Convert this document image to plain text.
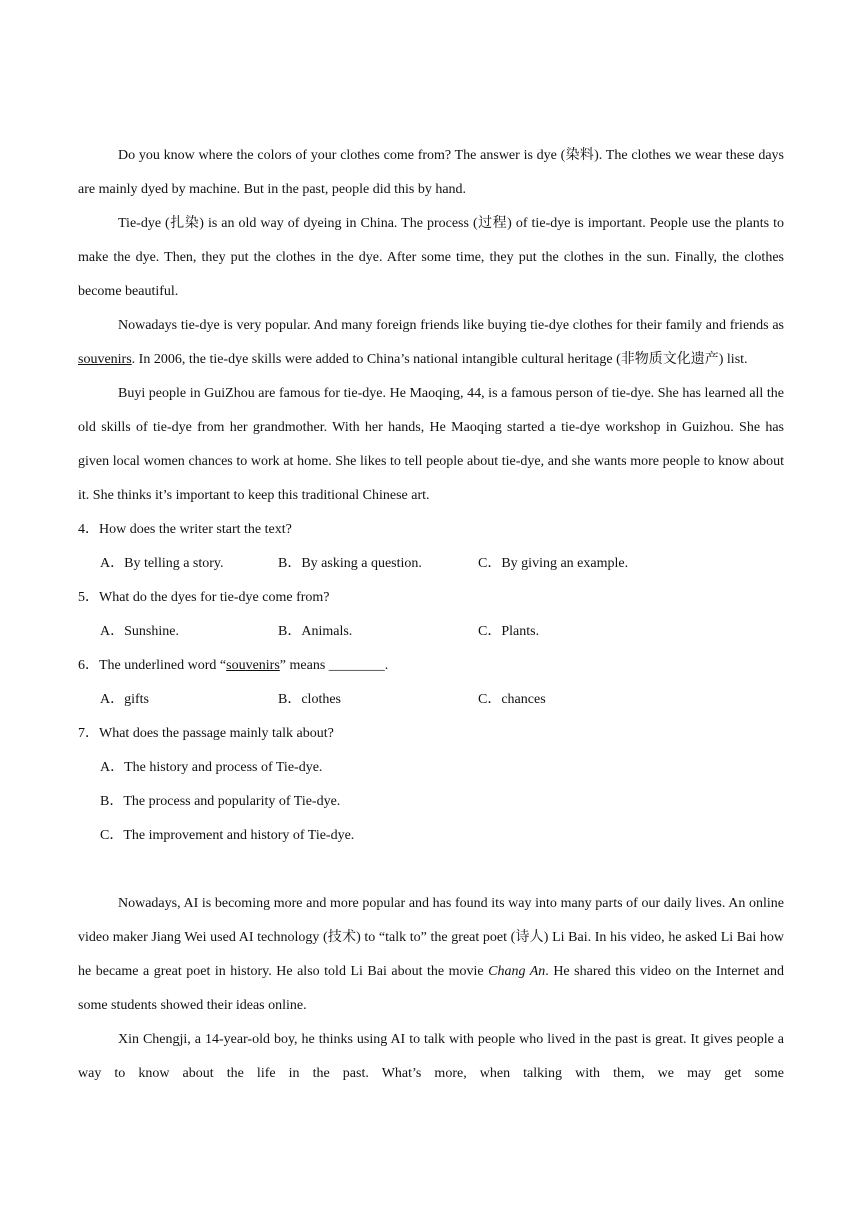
Do you know where the colors of your clothes come from? The answer is dye (染料). The clothes we wear these days are mainly dyed by machine. But in the past, people did this by hand.

Tie-dye (扎染) is an old way of dyeing in China. The process (过程) of tie-dye is important. People use the plants to make the dye. Then, they put the clothes in the dye. After some time, they put the clothes in the sun. Finally, the clothes become beautiful.

Nowadays tie-dye is very popular. And many foreign friends like buying tie-dye clothes for their family and friends as souvenirs. In 2006, the tie-dye skills were added to China’s national intangible cultural heritage (非物质文化遗产) list.

Buyi people in GuiZhou are famous for tie-dye. He Maoqing, 44, is a famous person of tie-dye. She has learned all the old skills of tie-dye from her grandmother. With her hands, He Maoqing started a tie-dye workshop in Guizhou. She has given local women chances to work at home. She likes to tell people about tie-dye, and she wants more people to know about it. She thinks it’s important to keep this traditional Chinese art.

4．How does the writer start the text?

A．By telling a story.	B．By asking a question.	C．By giving an example.

5．What do the dyes for tie-dye come from?

A．Sunshine.	B．Animals.	C．Plants.

6．The underlined word “souvenirs” means ________.

A．gifts	B．clothes	C．chances

7．What does the passage mainly talk about?

A．The history and process of Tie-dye.

B．The process and popularity of Tie-dye.

C．The improvement and history of Tie-dye.

Nowadays, AI is becoming more and more popular and has found its way into many parts of our daily lives. An online video maker Jiang Wei used AI technology (技术) to “talk to” the great poet (诗人) Li Bai. In his video, he asked Li Bai how he became a great poet in history. He also told Li Bai about the movie Chang An. He shared this video on the Internet and some students showed their ideas online.

Xin Chengji, a 14-year-old boy, he thinks using AI to talk with people who lived in the past is great. It gives people a way to know about the life in the past. What’s more, when talking with them, we may get some
